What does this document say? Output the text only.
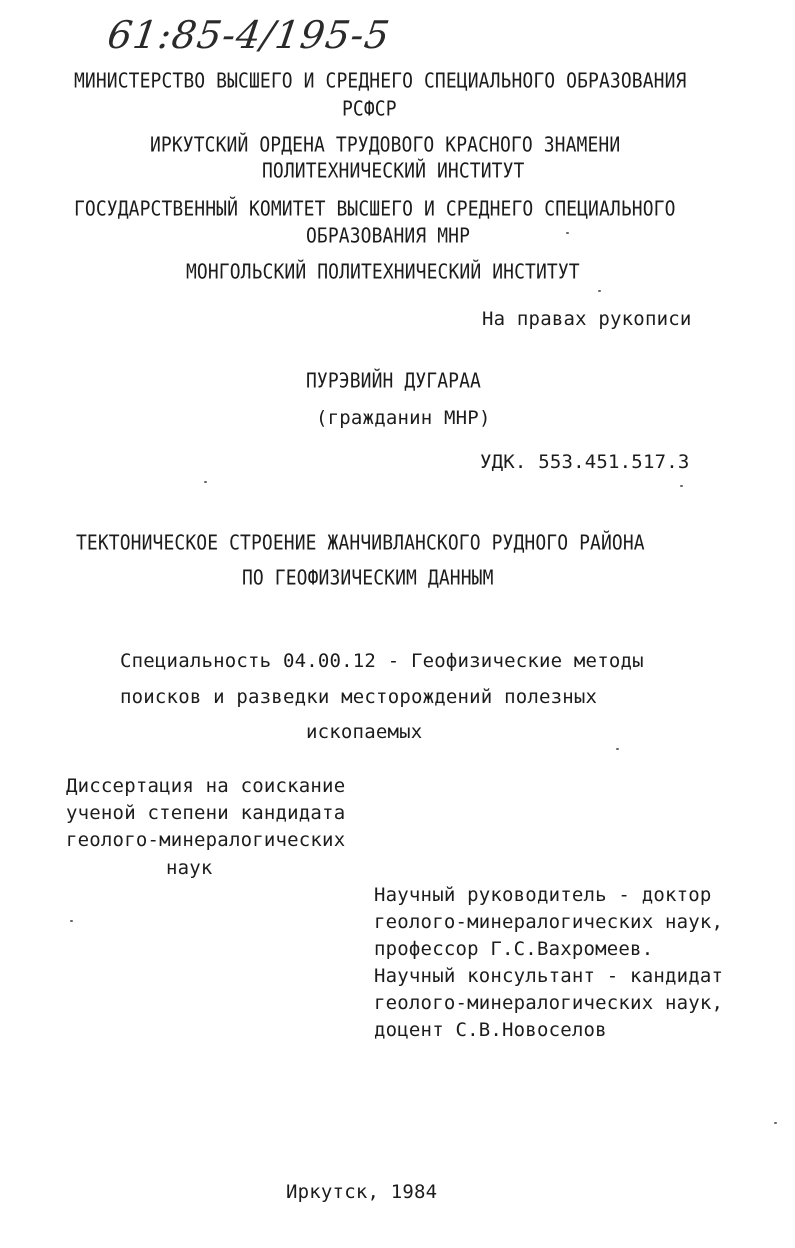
61:85-4/195-5
МИНИСТЕРСТВО ВЫСШЕГО И СРЕДНЕГО СПЕЦИАЛЬНОГО ОБРАЗОВАНИЯ
РСФСР
ИРКУТСКИЙ ОРДЕНА ТРУДОВОГО КРАСНОГО ЗНАМЕНИ
ПОЛИТЕХНИЧЕСКИЙ ИНСТИТУТ
ГОСУДАРСТВЕННЫЙ КОМИТЕТ ВЫСШЕГО И СРЕДНЕГО СПЕЦИАЛЬНОГО
ОБРАЗОВАНИЯ МНР
МОНГОЛЬСКИЙ ПОЛИТЕХНИЧЕСКИЙ ИНСТИТУТ
На правах рукописи
ПУРЭВИЙН ДУГАРАА
(гражданин МНР)
УДК. 553.451.517.3
ТЕКТОНИЧЕСКОЕ СТРОЕНИЕ ЖАНЧИВЛАНСКОГО РУДНОГО РАЙОНА
ПО ГЕОФИЗИЧЕСКИМ ДАННЫМ
Специальность 04.00.12 - Геофизические методы
поисков и разведки месторождений полезных
ископаемых
Диссертация на соискание
ученой степени кандидата
геолого-минералогических
наук
Научный руководитель - доктор
геолого-минералогических наук,
профессор Г.С.Вахромеев.
Научный консультант - кандидат
геолого-минералогических наук,
доцент С.В.Новоселов
Иркутск, 1984
